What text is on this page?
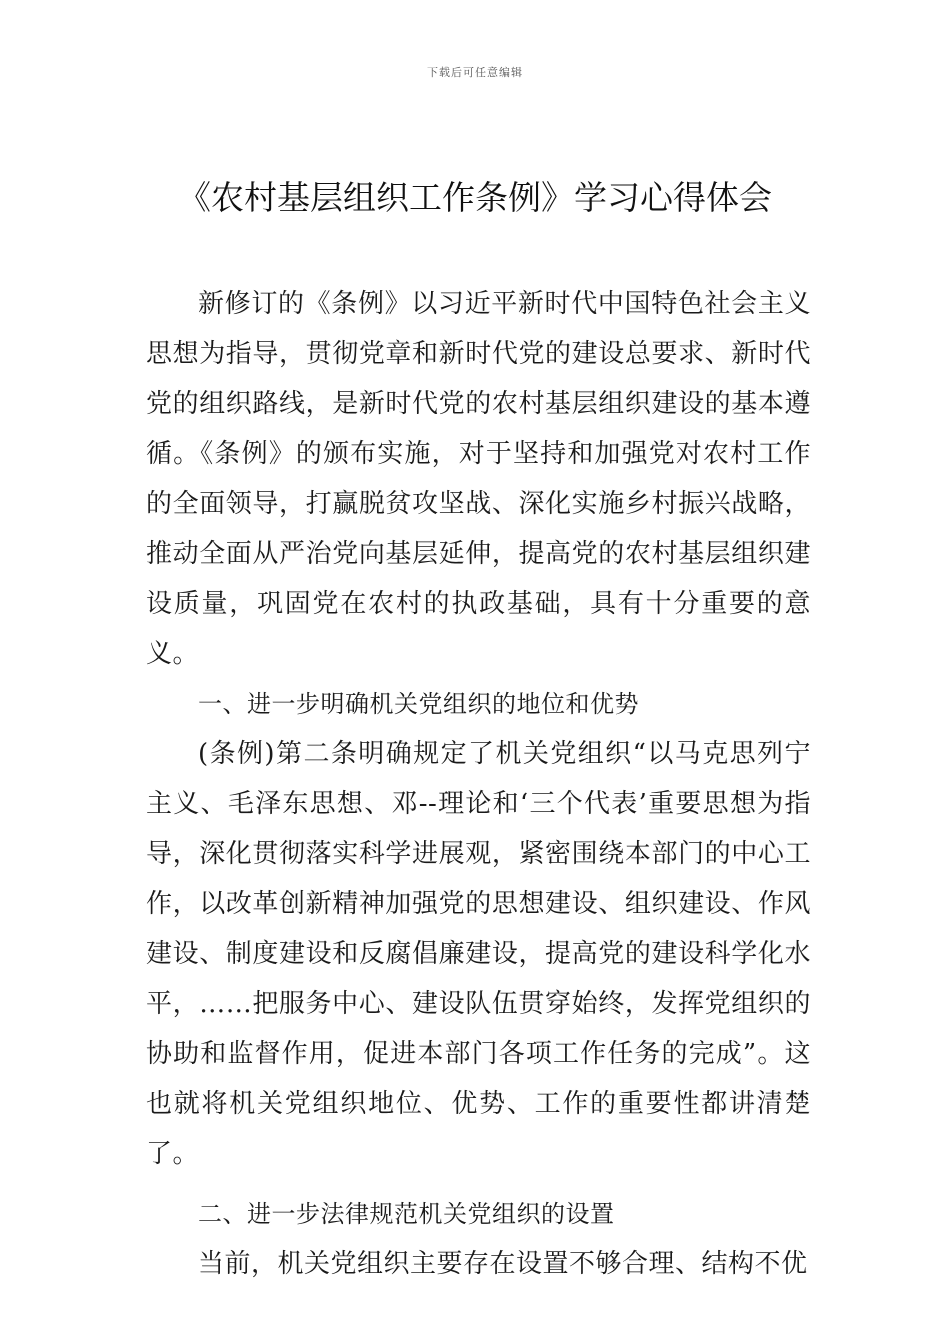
下载后可任意编辑
《农村基层组织工作条例》学习心得体会

新修订的《条例》以习近平新时代中国特色社会主义思想为指导，贯彻党章和新时代党的建设总要求、新时代党的组织路线，是新时代党的农村基层组织建设的基本遵循。《条例》的颁布实施，对于坚持和加强党对农村工作的全面领导，打赢脱贫攻坚战、深化实施乡村振兴战略，推动全面从严治党向基层延伸，提高党的农村基层组织建设质量，巩固党在农村的执政基础，具有十分重要的意义。

一、进一步明确机关党组织的地位和优势

(条例)第二条明确规定了机关党组织“以马克思列宁主义、毛泽东思想、邓--理论和‘三个代表’重要思想为指导，深化贯彻落实科学进展观，紧密围绕本部门的中心工作，以改革创新精神加强党的思想建设、组织建设、作风建设、制度建设和反腐倡廉建设，提高党的建设科学化水平，……把服务中心、建设队伍贯穿始终，发挥党组织的协助和监督作用，促进本部门各项工作任务的完成”。这也就将机关党组织地位、优势、工作的重要性都讲清楚了。

二、进一步法律规范机关党组织的设置

当前，机关党组织主要存在设置不够合理、结构不优
